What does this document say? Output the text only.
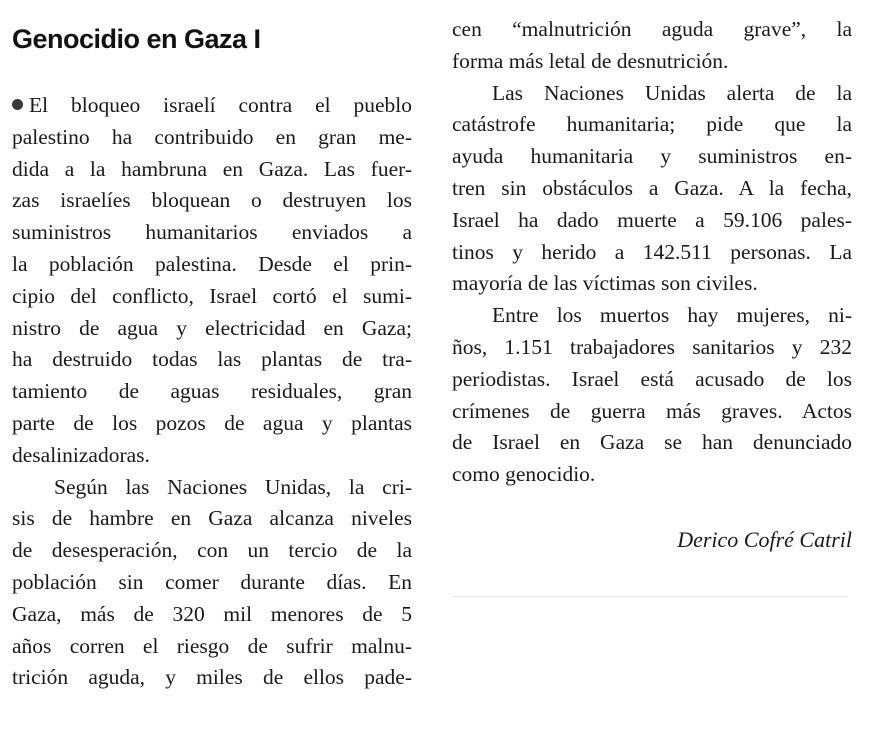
Genocidio en Gaza I

El bloqueo israelí contra el pueblo
palestino ha contribuido en gran me-
dida a la hambruna en Gaza. Las fuer-
zas israelíes bloquean o destruyen los
suministros humanitarios enviados a
la población palestina. Desde el prin-
cipio del conflicto, Israel cortó el sumi-
nistro de agua y electricidad en Gaza;
ha destruido todas las plantas de tra-
tamiento de aguas residuales, gran
parte de los pozos de agua y plantas
desalinizadoras.

Según las Naciones Unidas, la cri-
sis de hambre en Gaza alcanza niveles
de desesperación, con un tercio de la
población sin comer durante días. En
Gaza, más de 320 mil menores de 5
años corren el riesgo de sufrir malnu-
trición aguda, y miles de ellos pade-

cen “malnutrición aguda grave”, la
forma más letal de desnutrición.

Las Naciones Unidas alerta de la
catástrofe humanitaria; pide que la
ayuda humanitaria y suministros en-
tren sin obstáculos a Gaza. A la fecha,
Israel ha dado muerte a 59.106 pales-
tinos y herido a 142.511 personas. La
mayoría de las víctimas son civiles.

Entre los muertos hay mujeres, ni-
ños, 1.151 trabajadores sanitarios y 232
periodistas. Israel está acusado de los
crímenes de guerra más graves. Actos
de Israel en Gaza se han denunciado
como genocidio.

Derico Cofré Catril
